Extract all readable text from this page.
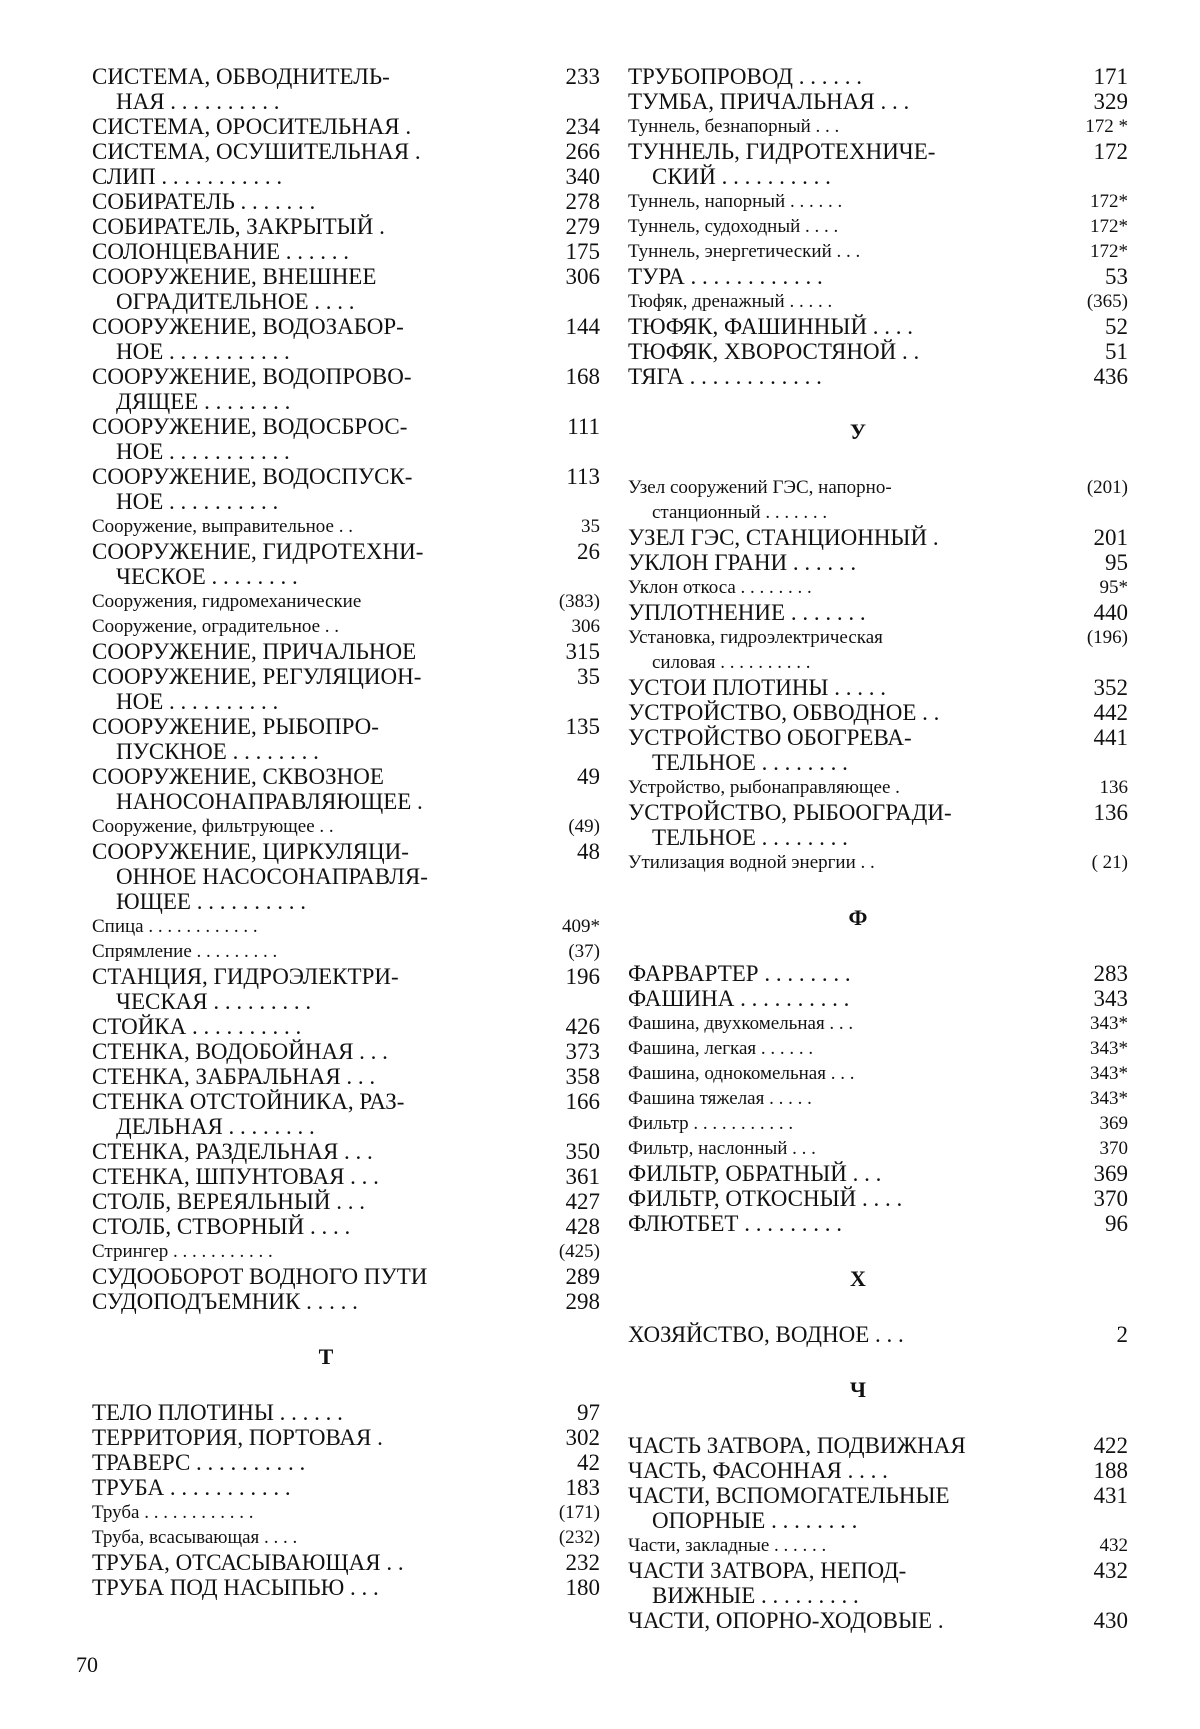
СИСТЕМА, ОБВОДНИТЕЛЬ-
НАЯ . . . . . . . . . .
233
СИСТЕМА, ОРОСИТЕЛЬНАЯ .	234
СИСТЕМА, ОСУШИТЕЛЬНАЯ .	266
СЛИП . . . . . . . . . . .	340
СОБИРАТЕЛЬ . . . . . . .	278
СОБИРАТЕЛЬ, ЗАКРЫТЫЙ .	279
СОЛОНЦЕВАНИЕ . . . . . .	175
СООРУЖЕНИЕ, ВНЕШНЕЕ
ОГРАДИТЕЛЬНОЕ . . . .
306
СООРУЖЕНИЕ, ВОДОЗАБОР-
НОЕ . . . . . . . . . . .
144
СООРУЖЕНИЕ, ВОДОПРОВО-
ДЯЩЕЕ . . . . . . . .
168
СООРУЖЕНИЕ, ВОДОСБРОС-
НОЕ . . . . . . . . . . .
111
СООРУЖЕНИЕ, ВОДОСПУСК-
НОЕ . . . . . . . . . .
113
Сооружение, выправительное . .	35
СООРУЖЕНИЕ, ГИДРОТЕХНИ-
ЧЕСКОЕ . . . . . . . .
26
Сооружения, гидромеханические	(383)
Сооружение, оградительное . .	306
СООРУЖЕНИЕ, ПРИЧАЛЬНОЕ	315
СООРУЖЕНИЕ, РЕГУЛЯЦИОН-
НОЕ . . . . . . . . . .
35
СООРУЖЕНИЕ, РЫБОПРО-
ПУСКНОЕ . . . . . . . .
135
СООРУЖЕНИЕ, СКВОЗНОЕ
НАНОСОНАПРАВЛЯЮЩЕЕ .
49
Сооружение, фильтрующее . .	(49)
СООРУЖЕНИЕ, ЦИРКУЛЯЦИ-
ОННОЕ НАСОСОНАПРАВЛЯ-
ЮЩЕЕ . . . . . . . . . .
48
Спица . . . . . . . . . . . .	409*
Спрямление . . . . . . . . .	(37)
СТАНЦИЯ, ГИДРОЭЛЕКТРИ-
ЧЕСКАЯ . . . . . . . . .
196
СТОЙКА . . . . . . . . . .	426
СТЕНКА, ВОДОБОЙНАЯ . . .	373
СТЕНКА, ЗАБРАЛЬНАЯ . . .	358
СТЕНКА ОТСТОЙНИКА, РАЗ-
ДЕЛЬНАЯ . . . . . . . .
166
СТЕНКА, РАЗДЕЛЬНАЯ . . .	350
СТЕНКА, ШПУНТОВАЯ . . .	361
СТОЛБ, ВЕРЕЯЛЬНЫЙ . . .	427
СТОЛБ, СТВОРНЫЙ . . . .	428
Стрингер . . . . . . . . . . .	(425)
СУДООБОРОТ ВОДНОГО ПУТИ	289
СУДОПОДЪЕМНИК . . . . .	298
Т
ТЕЛО ПЛОТИНЫ . . . . . .	97
ТЕРРИТОРИЯ, ПОРТОВАЯ .	302
ТРАВЕРС . . . . . . . . . .	42
ТРУБА . . . . . . . . . . .	183
Труба . . . . . . . . . . . .	(171)
Труба, всасывающая . . . .	(232)
ТРУБА, ОТСАСЫВАЮЩАЯ . .	232
ТРУБА ПОД НАСЫПЬЮ . . .	180
ТРУБОПРОВОД . . . . . .	171
ТУМБА, ПРИЧАЛЬНАЯ . . .	329
Туннель, безнапорный . . .	172 *
ТУННЕЛЬ, ГИДРОТЕХНИЧЕ-
СКИЙ . . . . . . . . . .
172
Туннель, напорный . . . . . .	172*
Туннель, судоходный . . . .	172*
Туннель, энергетический . . .	172*
ТУРА . . . . . . . . . . . .	53
Тюфяк, дренажный . . . . .	(365)
ТЮФЯК, ФАШИННЫЙ . . . .	52
ТЮФЯК, ХВОРОСТЯНОЙ . .	51
ТЯГА . . . . . . . . . . . .	436
У
Узел сооружений ГЭС, напорно-
станционный . . . . . . .
(201)
УЗЕЛ ГЭС, СТАНЦИОННЫЙ .	201
УКЛОН ГРАНИ . . . . . .	95
Уклон откоса . . . . . . . .	95*
УПЛОТНЕНИЕ . . . . . . .	440
Установка, гидроэлектрическая
силовая . . . . . . . . . .
(196)
УСТОИ ПЛОТИНЫ . . . . .	352
УСТРОЙСТВО, ОБВОДНОЕ . .	442
УСТРОЙСТВО ОБОГРЕВА-
ТЕЛЬНОЕ . . . . . . . .
441
Устройство, рыбонаправляющее .	136
УСТРОЙСТВО, РЫБООГРАДИ-
ТЕЛЬНОЕ . . . . . . . .
136
Утилизация водной энергии . .	( 21)
Ф
ФАРВАРТЕР . . . . . . . .	283
ФАШИНА . . . . . . . . . .	343
Фашина, двухкомельная . . .	343*
Фашина, легкая . . . . . .	343*
Фашина, однокомельная . . .	343*
Фашина тяжелая . . . . .	343*
Фильтр . . . . . . . . . . .	369
Фильтр, наслонный . . .	370
ФИЛЬТР, ОБРАТНЫЙ . . .	369
ФИЛЬТР, ОТКОСНЫЙ . . . .	370
ФЛЮТБЕТ . . . . . . . . .	96
Х
ХОЗЯЙСТВО, ВОДНОЕ . . .	2
Ч
ЧАСТЬ ЗАТВОРА, ПОДВИЖНАЯ	422
ЧАСТЬ, ФАСОННАЯ . . . .	188
ЧАСТИ, ВСПОМОГАТЕЛЬНЫЕ
ОПОРНЫЕ . . . . . . . .
431
Части, закладные . . . . . .	432
ЧАСТИ ЗАТВОРА, НЕПОД-
ВИЖНЫЕ . . . . . . . . .
432
ЧАСТИ, ОПОРНО-ХОДОВЫЕ .	430
70
